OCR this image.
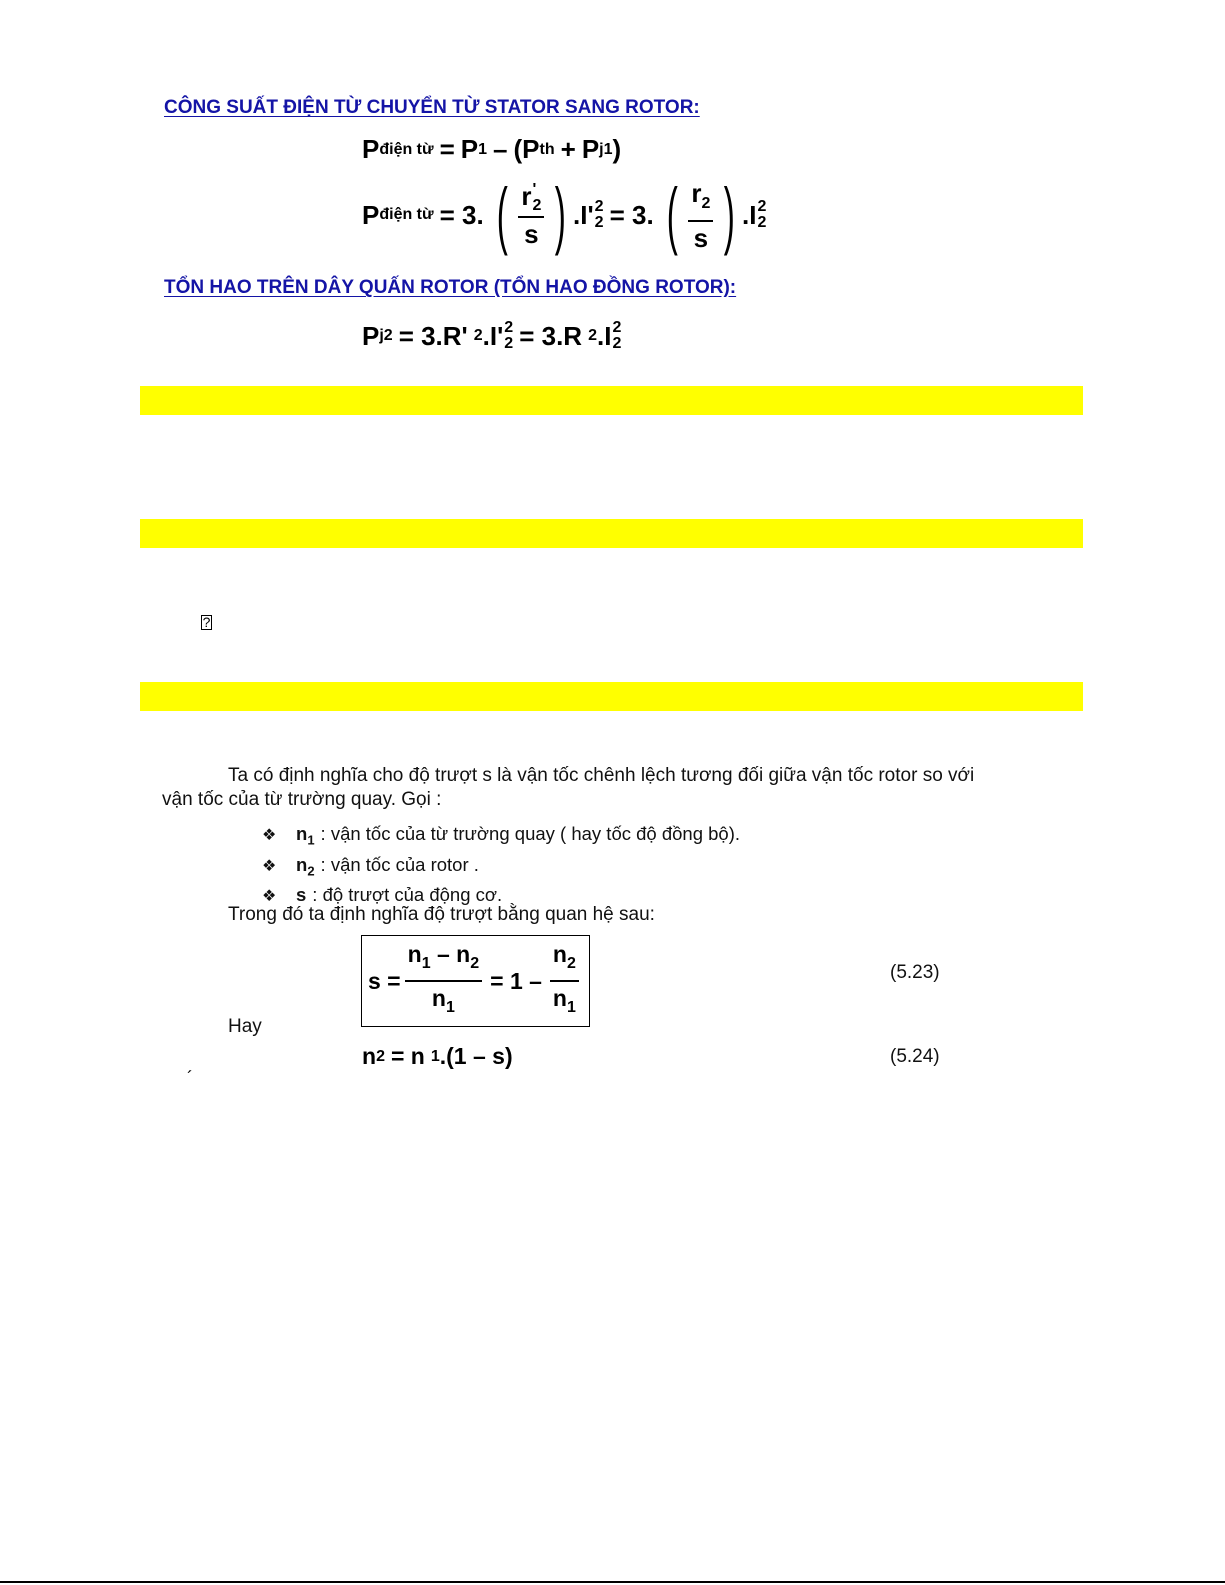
CÔNG SUẤT ĐIỆN TỪ CHUYỂN TỪ STATOR SANG ROTOR:
P điện từ = P 1 – ( P th + P j1 )
P điện từ = 3. ( r '
2
s ) .I' 2
2 = 3. ( $\frac{r_2}{s}$ ) .I 2
2
TỔN HAO TRÊN DÂY QUẤN ROTOR (TỔN HAO ĐỒNG ROTOR):
P j2 = 3.R' 2 .I' 2
2 = 3.R 2 .I 2
2
?
Ta có định nghĩa cho độ trượt s là vận tốc chênh lệch tương đối giữa vận tốc rotor so với
vận tốc của từ trường quay. Gọi :
❖ $n_1$ : vận tốc của từ trường quay ( hay tốc độ đồng bộ).
❖ $n_2$ : vận tốc của rotor .
❖ s : độ trượt của động cơ.
Trong đó ta định nghĩa độ trượt bằng quan hệ sau:
$s = \frac{n_1 - n_2}{n_1} = 1 - \frac{n_2}{n_1}$	(5.23)
Hay
n 2 = n 1 .(1 – s)	(5.24)
´
